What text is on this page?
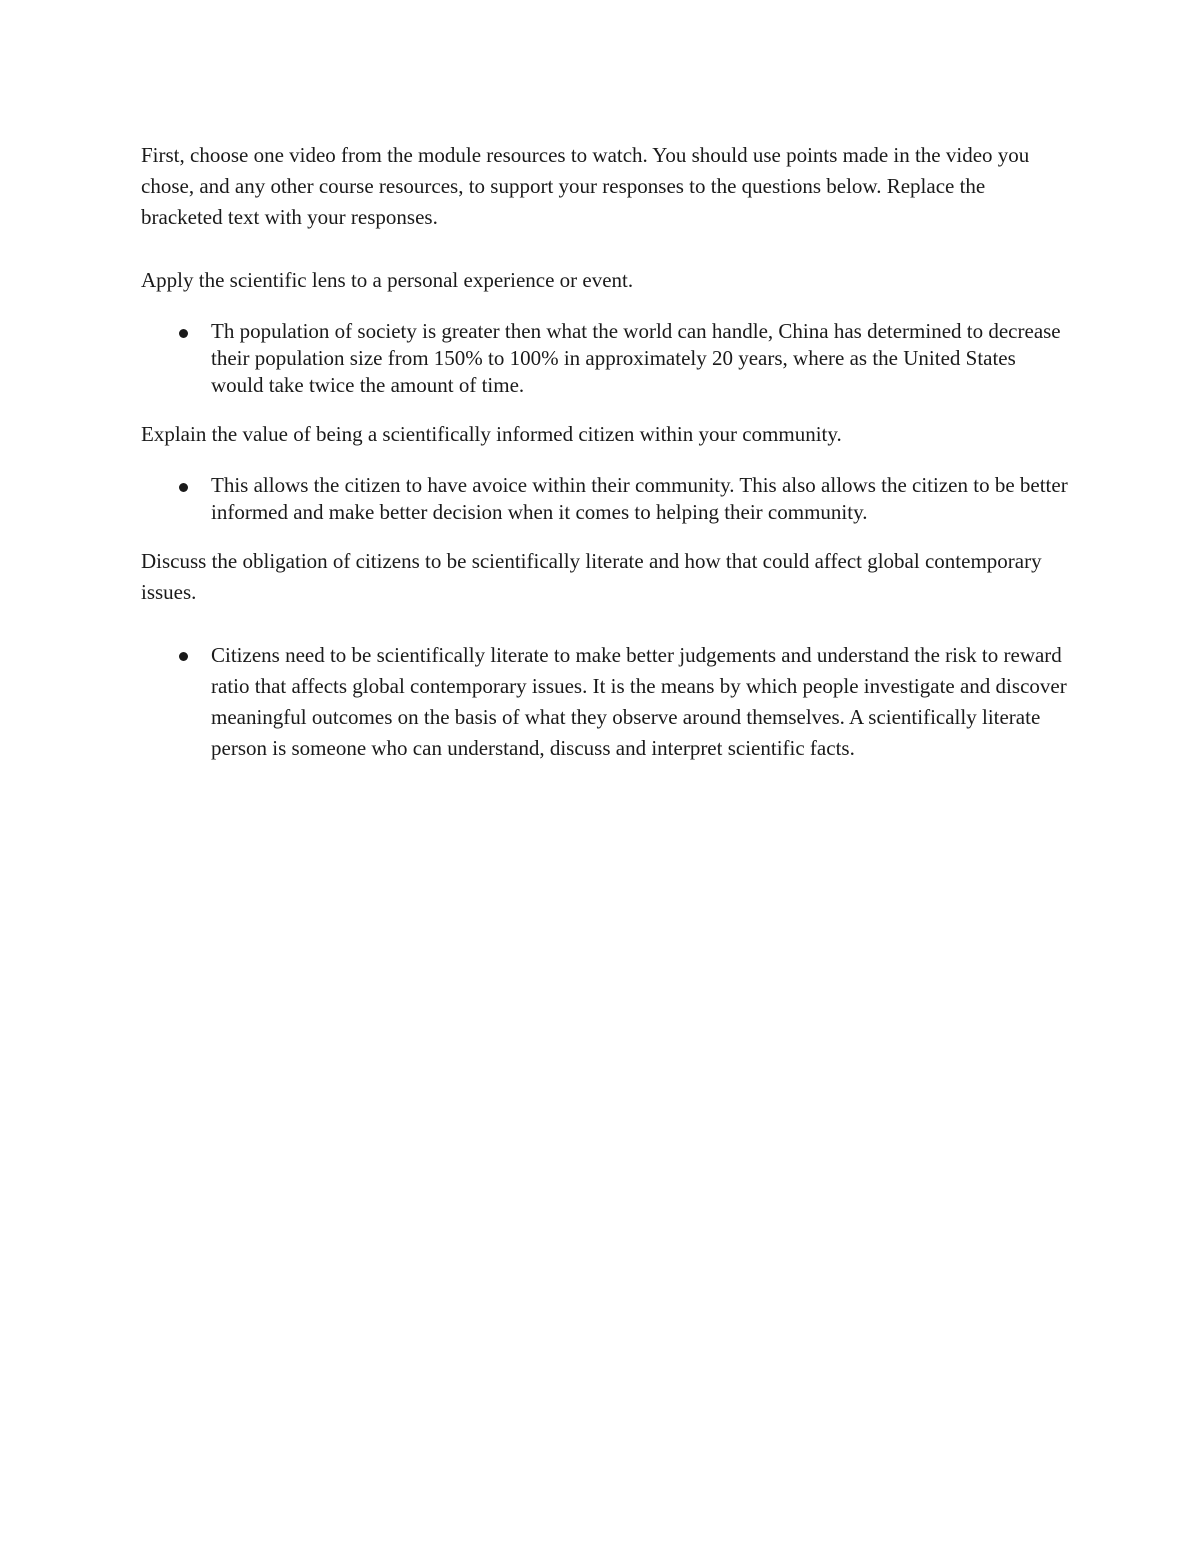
First, choose one video from the module resources to watch. You should use points made in the video you chose, and any other course resources, to support your responses to the questions below. Replace the bracketed text with your responses.

Apply the scientific lens to a personal experience or event.

Th population of society is greater then what the world can handle, China has determined to decrease their population size from 150% to 100% in approximately 20 years, where as the United States would take twice the amount of time.

Explain the value of being a scientifically informed citizen within your community.

This allows the citizen to have avoice within their community. This also allows the citizen to be better informed and make better decision when it comes to helping their community.

Discuss the obligation of citizens to be scientifically literate and how that could affect global contemporary issues.

Citizens need to be scientifically literate to make better judgements and understand the risk to reward ratio that affects global contemporary issues. It is the means by which people investigate and discover meaningful outcomes on the basis of what they observe around themselves. A scientifically literate person is someone who can understand, discuss and interpret scientific facts.
